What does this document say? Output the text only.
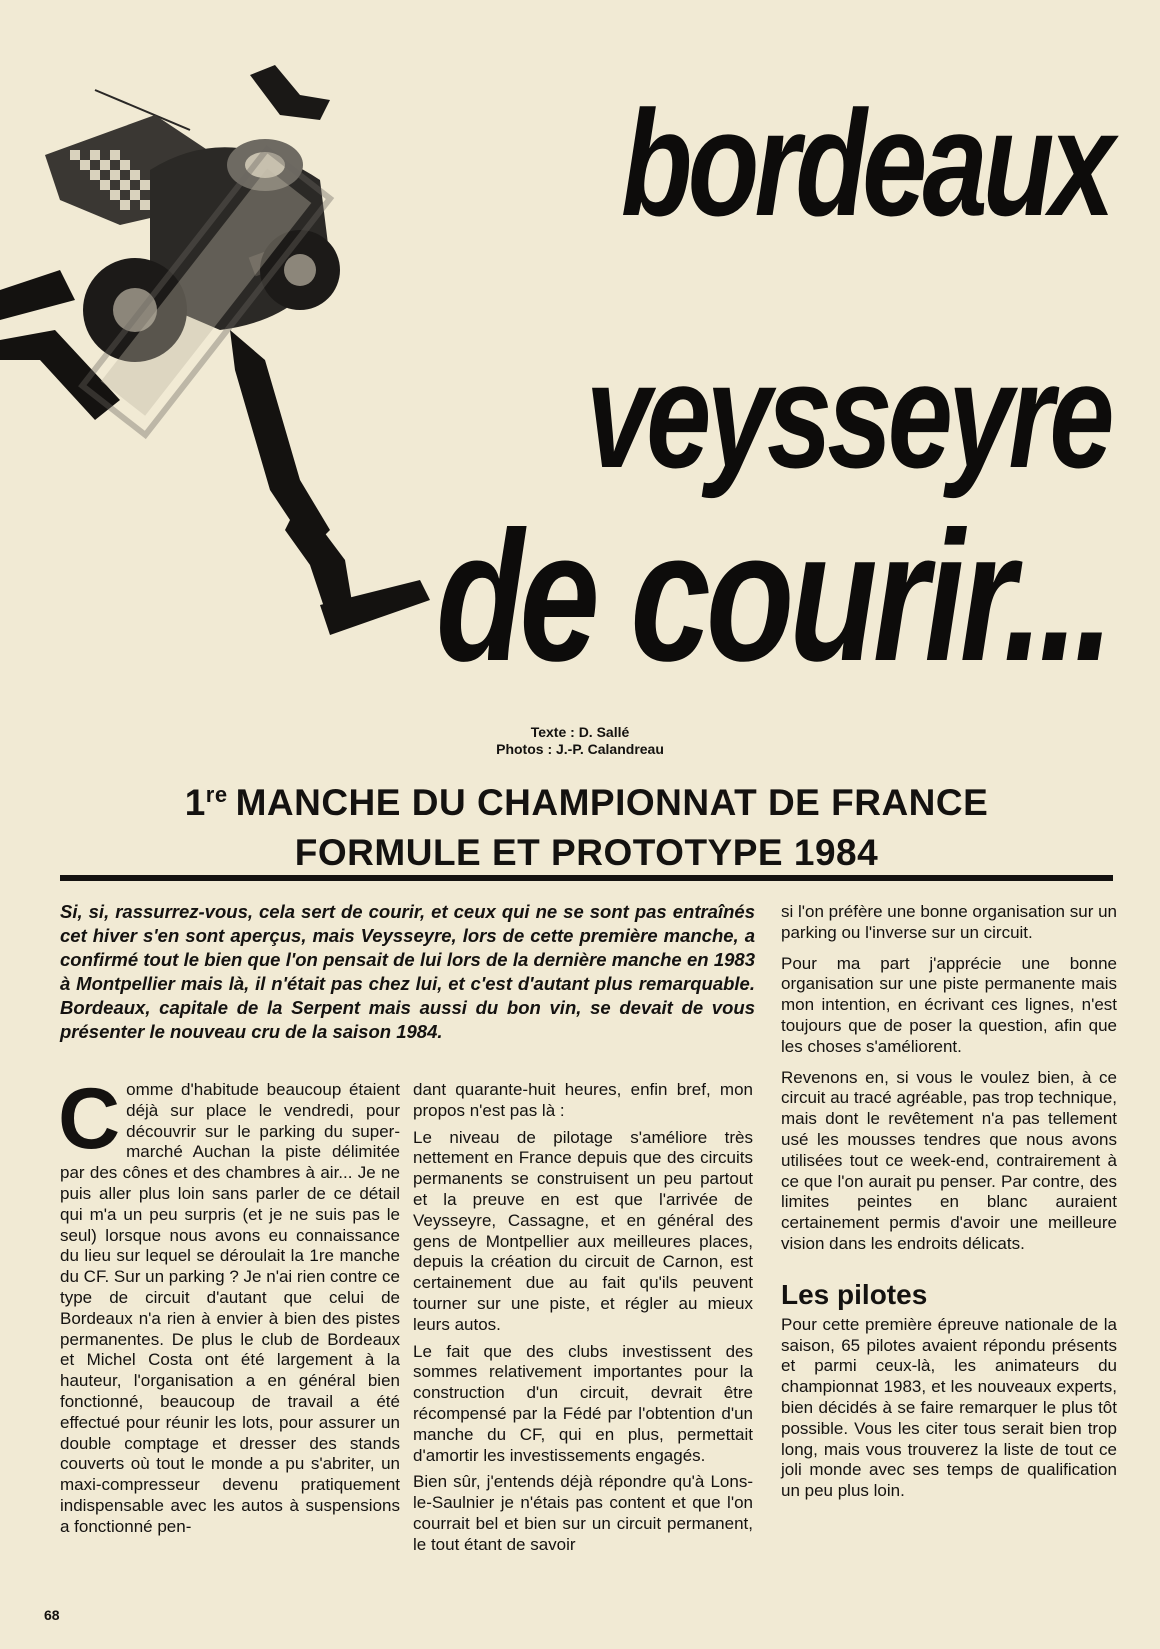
bordeaux
veysseyre
de courir...
Texte : D. Sallé
Photos : J.-P. Calandreau
1re MANCHE DU CHAMPIONNAT DE FRANCE
FORMULE ET PROTOTYPE 1984

Si, si, rassurrez-vous, cela sert de courir, et ceux qui ne se sont pas entraînés cet hiver s'en sont aperçus, mais Veysseyre, lors de cette première manche, a confirmé tout le bien que l'on pensait de lui lors de la dernière manche en 1983 à Montpellier mais là, il n'était pas chez lui, et c'est d'autant plus remarquable. Bordeaux, capitale de la Serpent mais aussi du bon vin, se devait de vous présenter le nouveau cru de la saison 1984.

Comme d'habitude beaucoup étaient déjà sur place le vendredi, pour découvrir sur le parking du super-marché Auchan la piste délimitée par des cônes et des chambres à air... Je ne puis aller plus loin sans parler de ce détail qui m'a un peu surpris (et je ne suis pas le seul) lorsque nous avons eu connaissance du lieu sur lequel se déroulait la 1re manche du CF. Sur un parking ? Je n'ai rien contre ce type de circuit d'autant que celui de Bordeaux n'a rien à envier à bien des pistes permanentes. De plus le club de Bordeaux et Michel Costa ont été largement à la hauteur, l'organisation a en général bien fonctionné, beaucoup de travail a été effectué pour réunir les lots, pour assurer un double comptage et dresser des stands couverts où tout le monde a pu s'abriter, un maxi-compresseur devenu pratiquement indispensable avec les autos à suspensions a fonctionné pen-

dant quarante-huit heures, enfin bref, mon propos n'est pas là :

Le niveau de pilotage s'améliore très nettement en France depuis que des circuits permanents se construisent un peu partout et la preuve en est que l'arrivée de Veysseyre, Cassagne, et en général des gens de Montpellier aux meilleures places, depuis la création du circuit de Carnon, est certainement due au fait qu'ils peuvent tourner sur une piste, et régler au mieux leurs autos.

Le fait que des clubs investissent des sommes relativement importantes pour la construction d'un circuit, devrait être récompensé par la Fédé par l'obtention d'un manche du CF, qui en plus, permettait d'amortir les investissements engagés.

Bien sûr, j'entends déjà répondre qu'à Lons-le-Saulnier je n'étais pas content et que l'on courrait bel et bien sur un circuit permanent, le tout étant de savoir

si l'on préfère une bonne organisation sur un parking ou l'inverse sur un circuit.

Pour ma part j'apprécie une bonne organisation sur une piste permanente mais mon intention, en écrivant ces lignes, n'est toujours que de poser la question, afin que les choses s'améliorent.

Revenons en, si vous le voulez bien, à ce circuit au tracé agréable, pas trop technique, mais dont le revêtement n'a pas tellement usé les mousses tendres que nous avons utilisées tout ce week-end, contrairement à ce que l'on aurait pu penser. Par contre, des limites peintes en blanc auraient certainement permis d'avoir une meilleure vision dans les endroits délicats.

Les pilotes

Pour cette première épreuve nationale de la saison, 65 pilotes avaient répondu présents et parmi ceux-là, les animateurs du championnat 1983, et les nouveaux experts, bien décidés à se faire remarquer le plus tôt possible. Vous les citer tous serait bien trop long, mais vous trouverez la liste de tout ce joli monde avec ses temps de qualification un peu plus loin.

68
